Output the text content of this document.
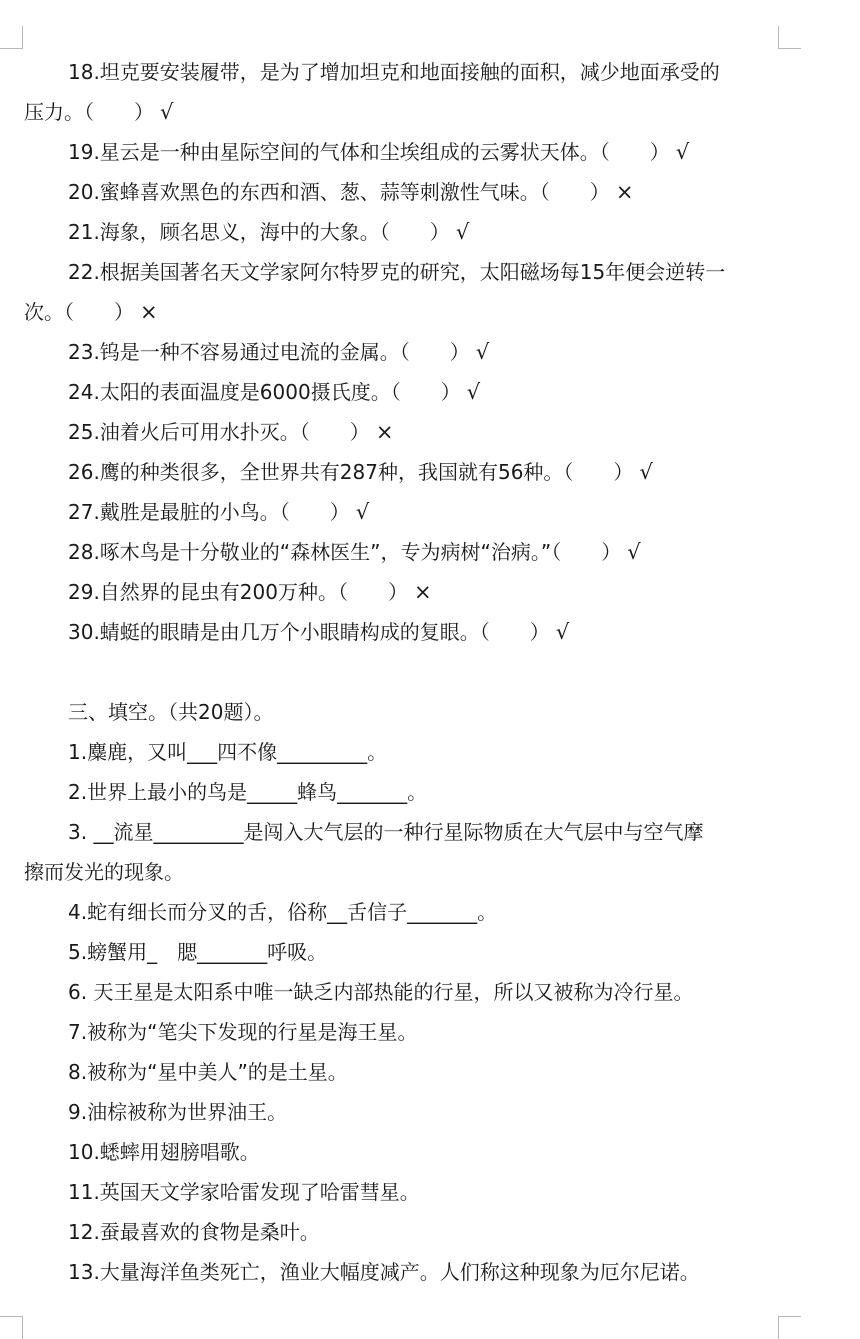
18.坦克要安装履带，是为了增加坦克和地面接触的面积，减少地面承受的
压力。（　　） √
19.星云是一种由星际空间的气体和尘埃组成的云雾状天体。（　　） √
20.蜜蜂喜欢黑色的东西和酒、葱、蒜等刺激性气味。（　　） ×
21.海象，顾名思义，海中的大象。（　　） √
22.根据美国著名天文学家阿尔特罗克的研究，太阳磁场每15年便会逆转一
次。（　　） ×
23.钨是一种不容易通过电流的金属。（　　） √
24.太阳的表面温度是6000摄氏度。（　　） √
25.油着火后可用水扑灭。（　　） ×
26.鹰的种类很多，全世界共有287种，我国就有56种。（　　） √
27.戴胜是最脏的小鸟。（　　） √
28.啄木鸟是十分敬业的“森林医生”，专为病树“治病。”（　　） √
29.自然界的昆虫有200万种。（　　） ×
30.蜻蜓的眼睛是由几万个小眼睛构成的复眼。（　　） √
三、填空。（共20题）。
1.麋鹿，又叫___四不像_________。
2.世界上最小的鸟是_____蜂鸟_______。
3. __流星_________是闯入大气层的一种行星际物质在大气层中与空气摩
擦而发光的现象。
4.蛇有细长而分叉的舌，俗称__舌信子_______。
5.螃蟹用_　腮_______呼吸。
6. 天王星是太阳系中唯一缺乏内部热能的行星，所以又被称为冷行星。
7.被称为“笔尖下发现的行星是海王星。
8.被称为“星中美人”的是土星。
9.油棕被称为世界油王。
10.蟋蟀用翅膀唱歌。
11.英国天文学家哈雷发现了哈雷彗星。
12.蚕最喜欢的食物是桑叶。
13.大量海洋鱼类死亡，渔业大幅度减产。人们称这种现象为厄尔尼诺。
